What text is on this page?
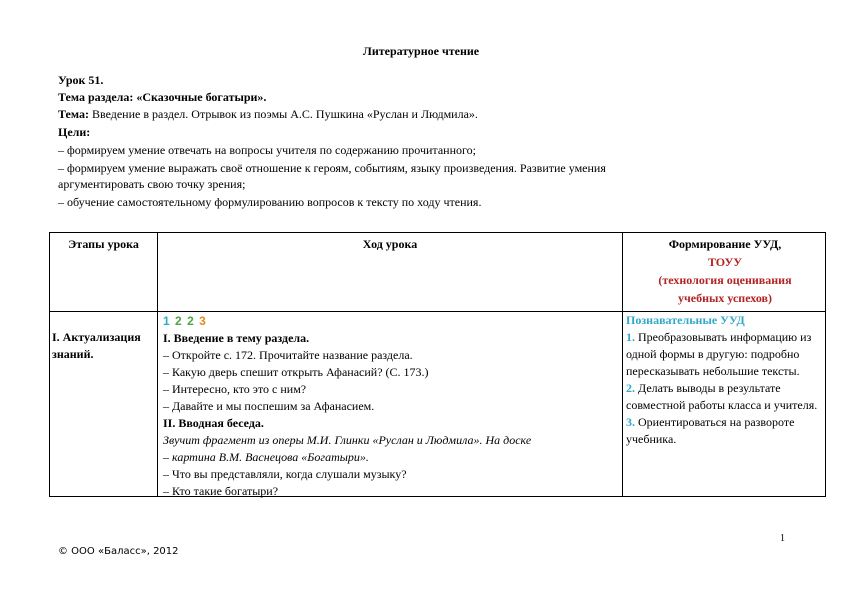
Литературное чтение
Урок 51.
Тема раздела: «Сказочные богатыри».
Тема: Введение в раздел. Отрывок из поэмы А.С. Пушкина «Руслан и Людмила».
Цели:
– формируем умение отвечать на вопросы учителя по содержанию прочитанного;
– формируем умение выражать своё отношение к героям, событиям, языку произведения. Развитие умения
аргументировать свою точку зрения;
– обучение самостоятельному формулированию вопросов к тексту по ходу чтения.
Этапы урока	Ход урока	Формирование УУД,
ТОУУ
(технология оценивания
учебных успехов)
I. Актуализация знаний.
1 2 2 3
I. Введение в тему раздела.
– Откройте с. 172. Прочитайте название раздела.
– Какую дверь спешит открыть Афанасий? (С. 173.)
– Интересно, кто это с ним?
– Давайте и мы поспешим за Афанасием.
II. Вводная беседа.
Звучит фрагмент из оперы М.И. Глинки «Руслан и Людмила». На доске
– картина В.М. Васнецова «Богатыри».
– Что вы представляли, когда слушали музыку?
– Кто такие богатыри?
Познавательные УУД
1. Преобразовывать информацию из одной формы в другую: подробно пересказывать небольшие тексты.
2. Делать выводы в результате совместной работы класса и учителя.
3. Ориентироваться на развороте учебника.
1
© ООО «Баласс», 2012
